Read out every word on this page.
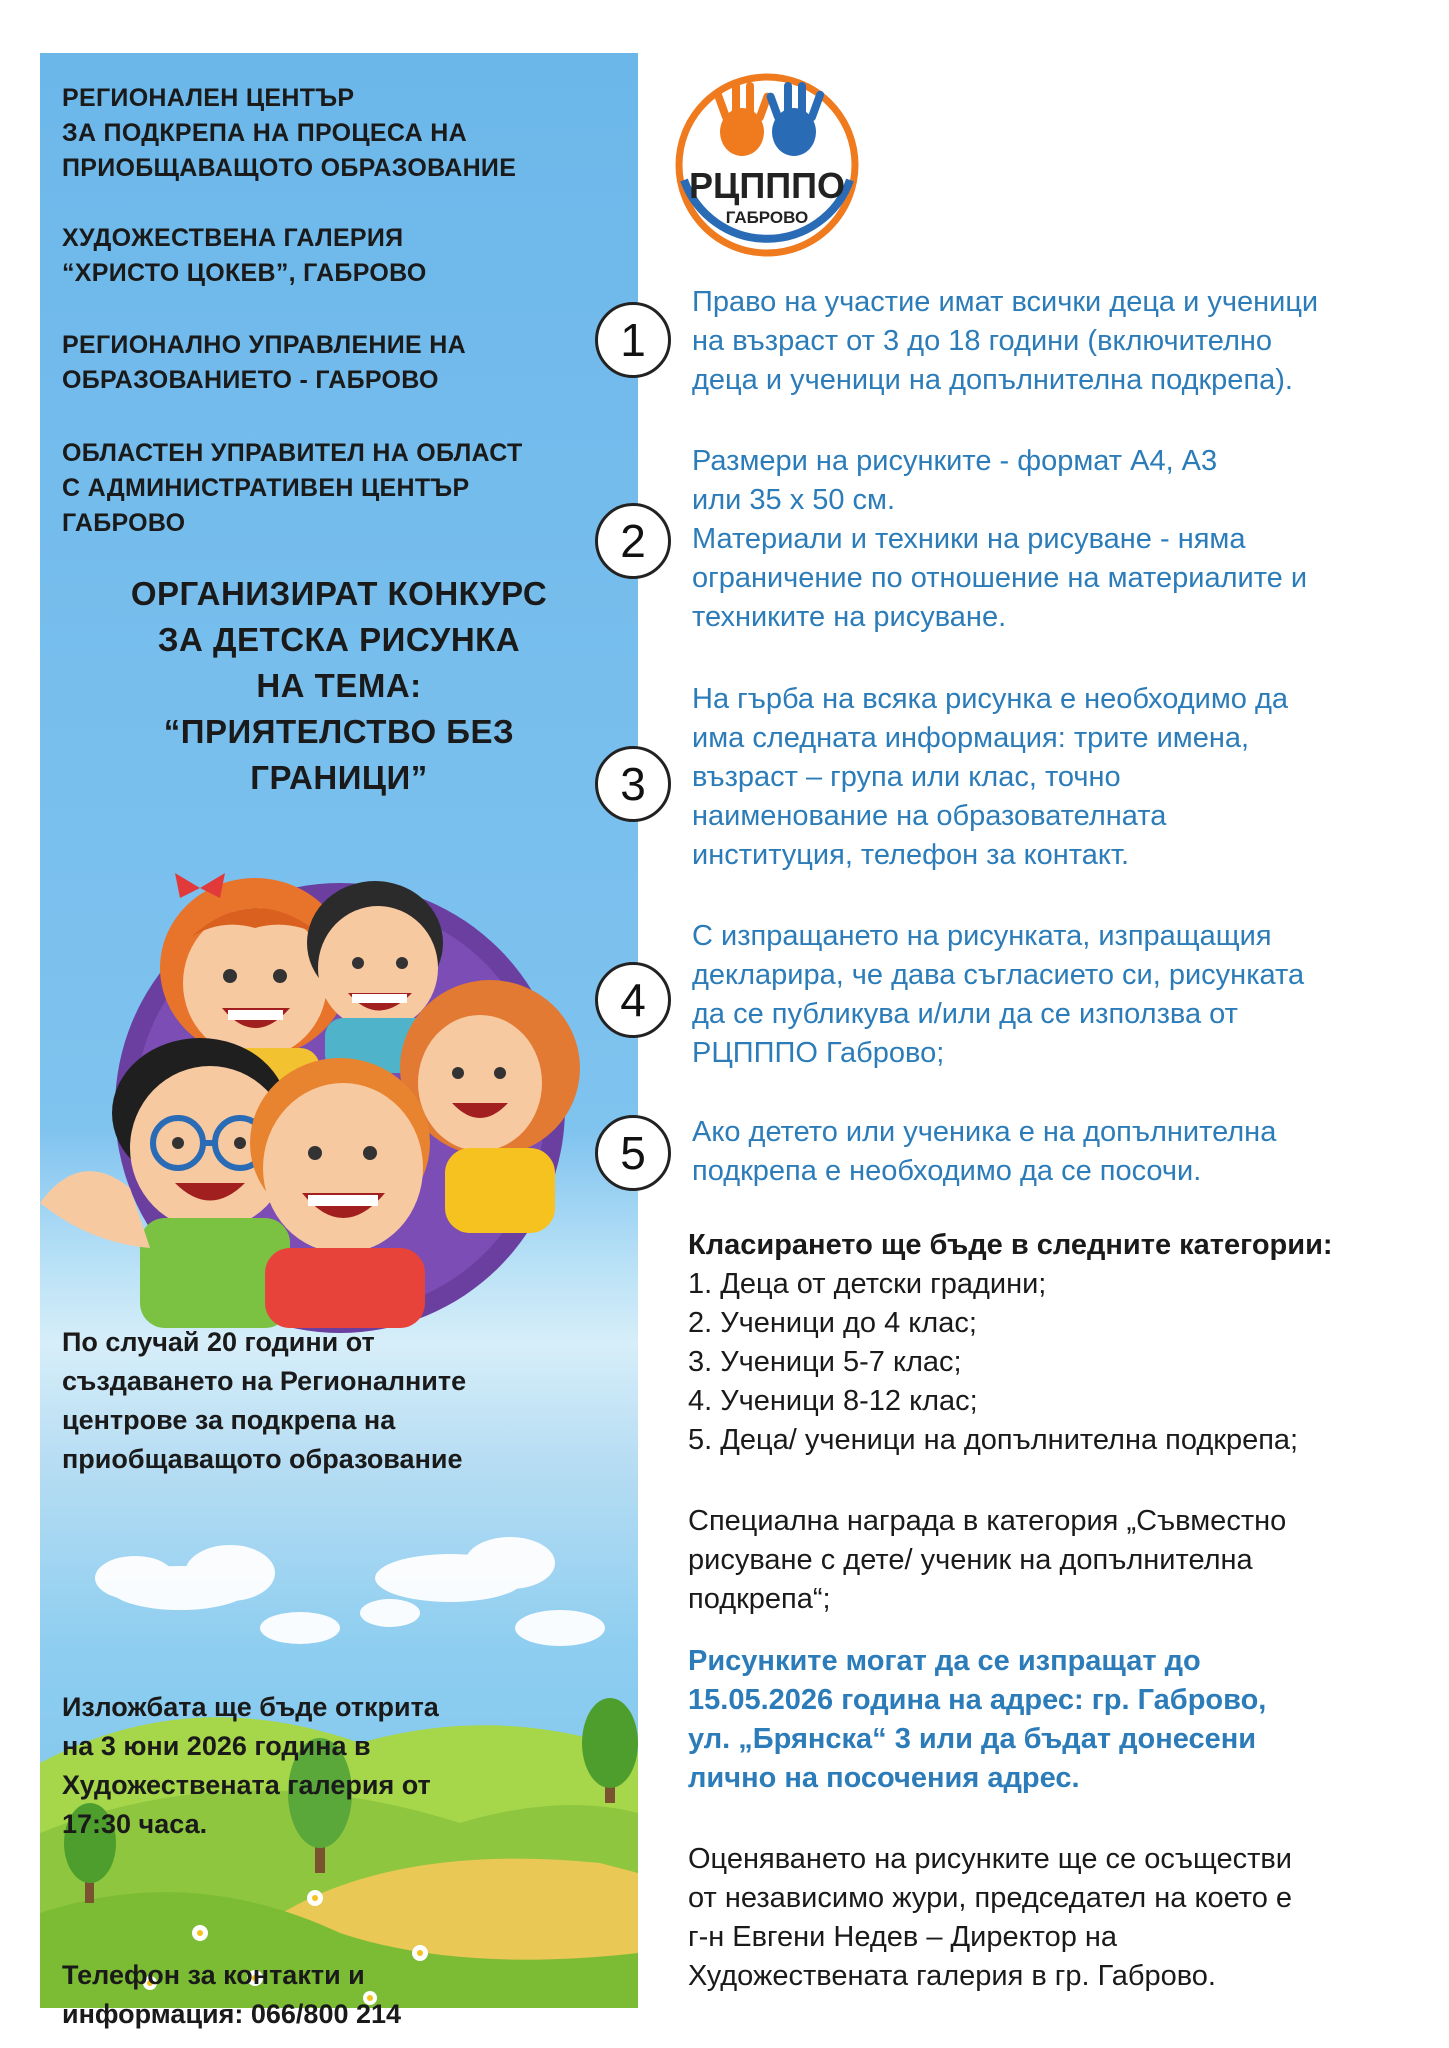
РЕГИОНАЛЕН ЦЕНТЪР
ЗА ПОДКРЕПА НА ПРОЦЕСА НА
ПРИОБЩАВАЩОТО ОБРАЗОВАНИЕ
ХУДОЖЕСТВЕНА ГАЛЕРИЯ
“ХРИСТО ЦОКЕВ”, ГАБРОВО
РЕГИОНАЛНО УПРАВЛЕНИЕ НА
ОБРАЗОВАНИЕТО - ГАБРОВО
ОБЛАСТЕН УПРАВИТЕЛ НА ОБЛАСТ
С АДМИНИСТРАТИВЕН ЦЕНТЪР
ГАБРОВО
ОРГАНИЗИРАТ КОНКУРС
ЗА ДЕТСКА РИСУНКА
НА ТЕМА:
“ПРИЯТЕЛСТВО БЕЗ
ГРАНИЦИ”
По случай 20 години от
създаването на Регионалните
центрове за подкрепа на
приобщаващото образование
Изложбата ще бъде открита
на 3 юни 2026 година в
Художествената галерия от
17:30 часа.
Телефон за контакти и
информация: 066/800 214
РЦПППО
ГАБРОВО
1
Право на участие имат всички деца и ученици
на възраст от 3 до 18 години (включително
деца и ученици на допълнителна подкрепа).
2
Размери на рисунките - формат А4, А3
или 35 х 50 см.
Материали и техники на рисуване - няма
ограничение по отношение на материалите и
техниките на рисуване.
3
На гърба на всяка рисунка е необходимо да
има следната информация: трите имена,
възраст – група или клас, точно
наименование на образователната
институция, телефон за контакт.
4
С изпращането на рисунката, изпращащия
декларира, че дава съгласието си, рисунката
да се публикува и/или да се използва от
РЦПППО Габрово;
5	Ако детето или ученика е на допълнителна
подкрепа е необходимо да се посочи.
Класирането ще бъде в следните категории:
1. Деца от детски градини;
2. Ученици до 4 клас;
3. Ученици 5-7 клас;
4. Ученици 8-12 клас;
5. Деца/ ученици на допълнителна подкрепа;
Специална награда в категория „Съвместно
рисуване с дете/ ученик на допълнителна
подкрепа“;
Рисунките могат да се изпращат до
15.05.2026 година на адрес: гр. Габрово,
ул. „Брянска“ 3 или да бъдат донесени
лично на посочения адрес.
Оценяването на рисунките ще се осъществи
от независимо жури, председател на което е
г-н Евгени Недев – Директор на
Художествената галерия в гр. Габрово.
